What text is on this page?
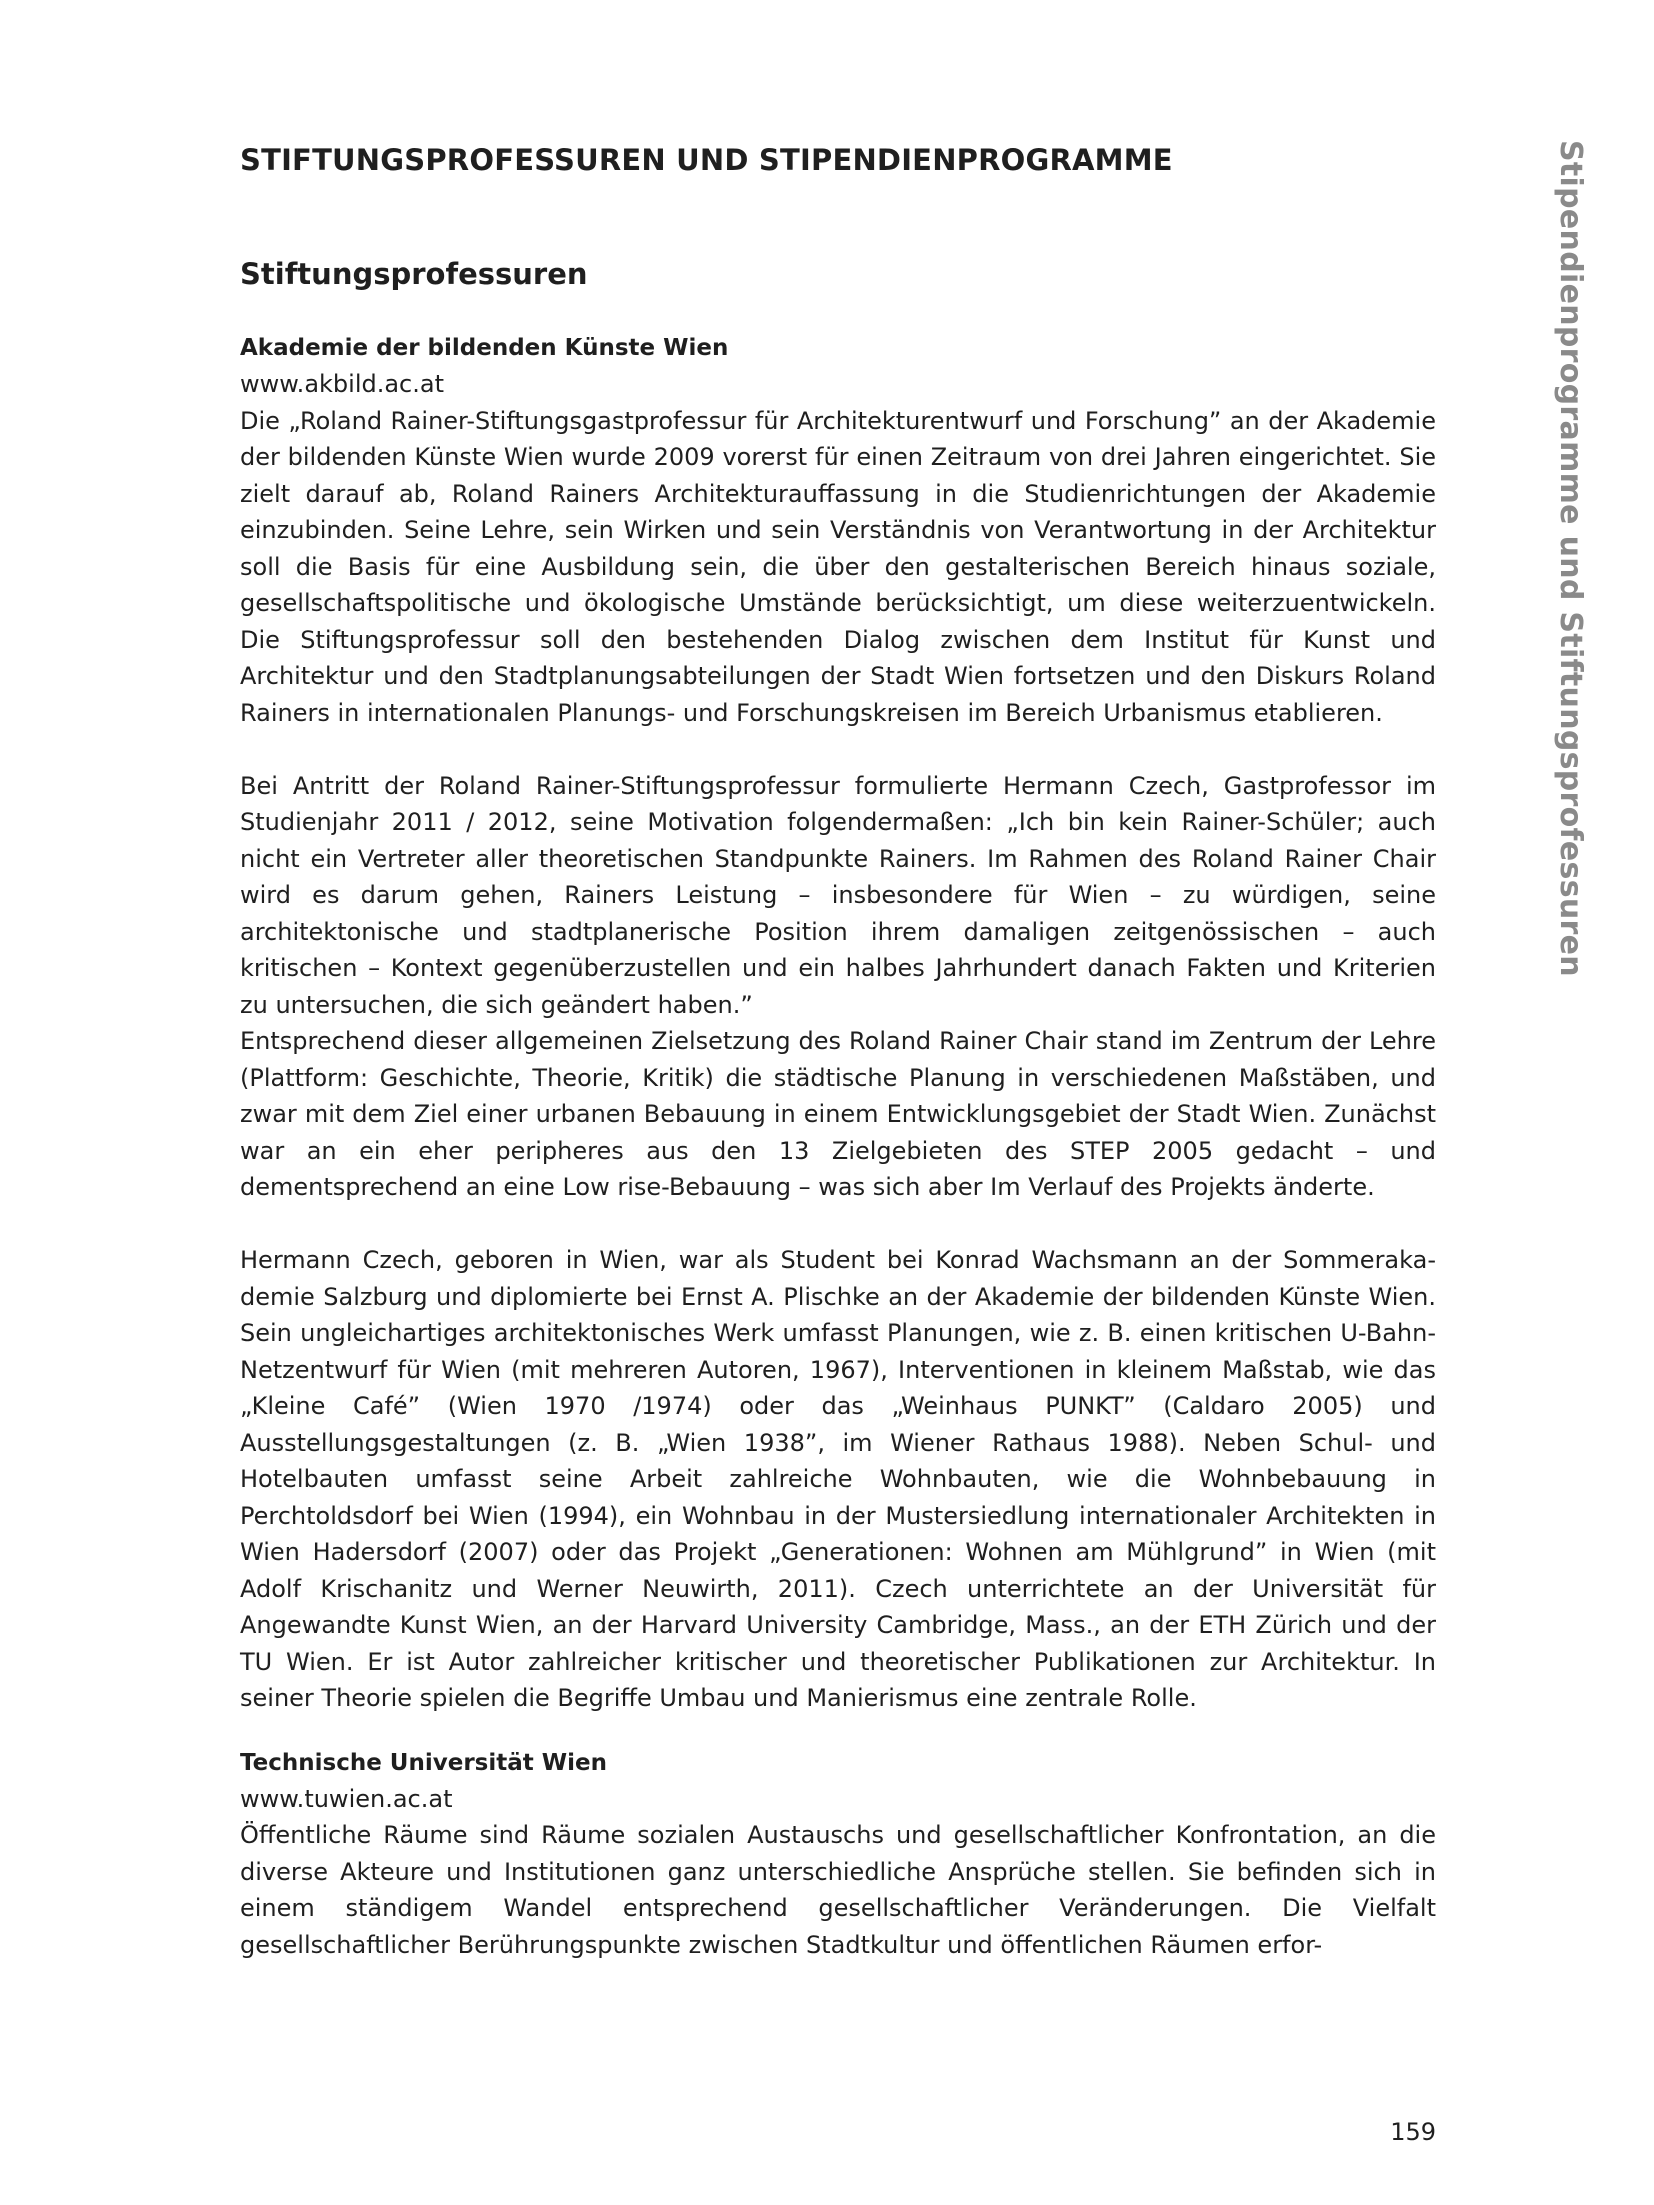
Stipendienprogramme und Stiftungsprofessuren
STIFTUNGSPROFESSUREN UND STIPENDIENPROGRAMME
Stiftungsprofessuren
Akademie der bildenden Künste Wien
www.akbild.ac.at

Die „Roland Rainer-Stiftungsgastprofessur für Architekturentwurf und Forschung” an der Akademie der bildenden Künste Wien wurde 2009 vorerst für einen Zeitraum von drei Jahren eingerichtet. Sie zielt darauf ab, Roland Rainers Architekturauffassung in die Studienrichtungen der Akademie einzubinden. Seine Lehre, sein Wirken und sein Verständnis von Verantwortung in der Architektur soll die Basis für eine Ausbildung sein, die über den gestalterischen Bereich hinaus soziale, gesellschaftspolitische und ökologische Umstände berücksichtigt, um diese weiterzuentwickeln. Die Stiftungsprofessur soll den bestehenden Dialog zwischen dem Institut für Kunst und Architektur und den Stadtplanungsabteilungen der Stadt Wien fortsetzen und den Diskurs Roland Rainers in internationalen Planungs- und Forschungskreisen im Bereich Urbanismus etablieren.

Bei Antritt der Roland Rainer-Stiftungsprofessur formulierte Hermann Czech, Gastprofessor im Studienjahr 2011 / 2012, seine Motivation folgendermaßen: „Ich bin kein Rainer-Schüler; auch nicht ein Vertreter aller theoretischen Standpunkte Rainers. Im Rahmen des Roland Rainer Chair wird es darum gehen, Rainers Leistung – insbesondere für Wien – zu würdigen, seine architektonische und stadtplanerische Position ihrem damaligen zeitgenössischen – auch kritischen – Kontext gegenüberzustellen und ein halbes Jahrhundert danach Fakten und Kriterien zu untersuchen, die sich geändert haben.”

Entsprechend dieser allgemeinen Zielsetzung des Roland Rainer Chair stand im Zentrum der Lehre (Plattform: Geschichte, Theorie, Kritik) die städtische Planung in verschiedenen Maßstäben, und zwar mit dem Ziel einer urbanen Bebauung in einem Entwicklungsgebiet der Stadt Wien. Zunächst war an ein eher peripheres aus den 13 Zielgebieten des STEP 2005 gedacht – und dementsprechend an eine Low rise-Bebauung – was sich aber Im Verlauf des Projekts änderte.

Hermann Czech, geboren in Wien, war als Student bei Konrad Wachsmann an der Sommerakademie Salzburg und diplomierte bei Ernst A. Plischke an der Akademie der bildenden Künste Wien. Sein ungleichartiges architektonisches Werk umfasst Planungen, wie z. B. einen kritischen U-Bahn-Netzentwurf für Wien (mit mehreren Autoren, 1967), Interventionen in kleinem Maßstab, wie das „Kleine Café” (Wien 1970 /1974) oder das „Weinhaus PUNKT” (Caldaro 2005) und Ausstellungsgestaltungen (z. B. „Wien 1938”, im Wiener Rathaus 1988). Neben Schul- und Hotelbauten umfasst seine Arbeit zahlreiche Wohnbauten, wie die Wohnbebauung in Perchtoldsdorf bei Wien (1994), ein Wohnbau in der Mustersiedlung internationaler Architekten in Wien Hadersdorf (2007) oder das Projekt „Generationen: Wohnen am Mühlgrund” in Wien (mit Adolf Krischanitz und Werner Neuwirth, 2011). Czech unterrichtete an der Universität für Angewandte Kunst Wien, an der Harvard University Cambridge, Mass., an der ETH Zürich und der TU Wien. Er ist Autor zahlreicher kritischer und theoretischer Publikationen zur Architektur. In seiner Theorie spielen die Begriffe Umbau und Manierismus eine zentrale Rolle.

Technische Universität Wien
www.tuwien.ac.at

Öffentliche Räume sind Räume sozialen Austauschs und gesellschaftlicher Konfrontation, an die diverse Akteure und Institutionen ganz unterschiedliche Ansprüche stellen. Sie befinden sich in einem ständigem Wandel entsprechend gesellschaftlicher Veränderungen. Die Vielfalt gesellschaftlicher Berührungspunkte zwischen Stadtkultur und öffentlichen Räumen erfor-

159
